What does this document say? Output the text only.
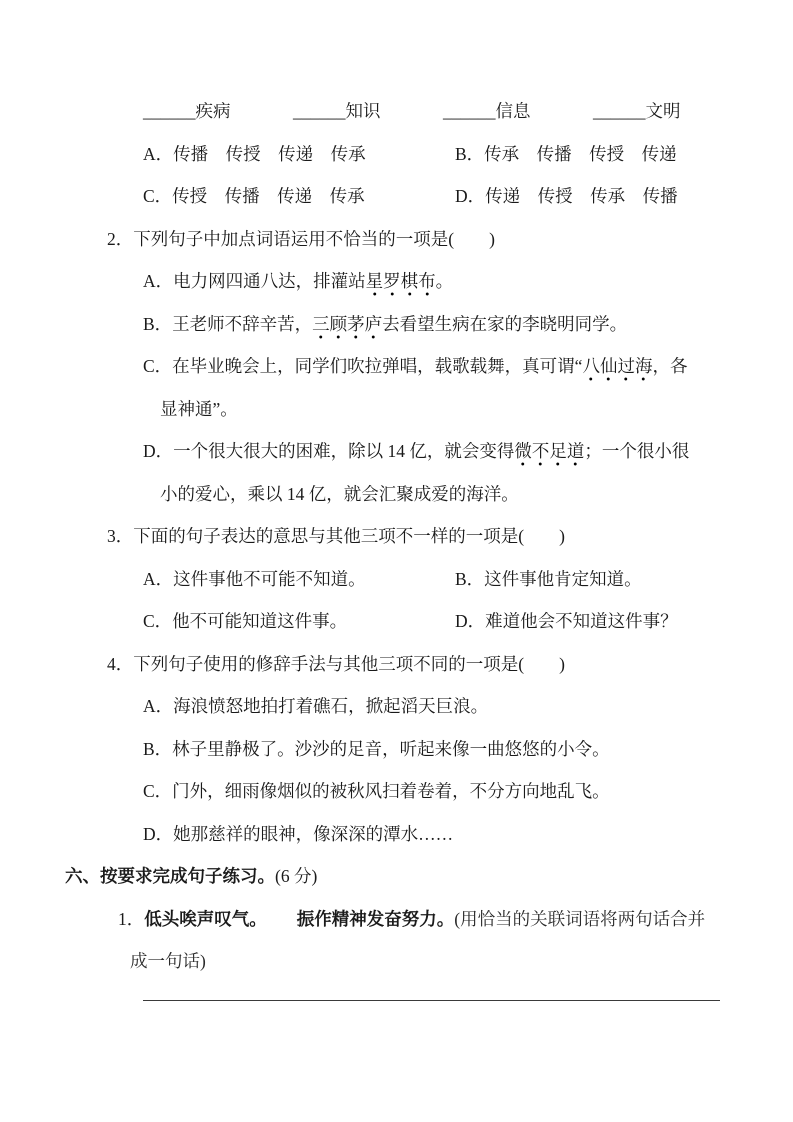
______疾病	______知识	______信息	______文明
A．传播　传授　传递　传承	B．传承　传播　传授　传递
C．传授　传播　传递　传承	D．传递　传授　传承　传播
2．下列句子中加点词语运用不恰当的一项是(　　)
A．电力网四通八达，排灌站星罗棋布。
B．王老师不辞辛苦，三顾茅庐去看望生病在家的李晓明同学。
C．在毕业晚会上，同学们吹拉弹唱，载歌载舞，真可谓“八仙过海，各
显神通”。
D．一个很大很大的困难，除以 14 亿，就会变得微不足道；一个很小很
小的爱心，乘以 14 亿，就会汇聚成爱的海洋。
3．下面的句子表达的意思与其他三项不一样的一项是(　　)
A．这件事他不可能不知道。	B．这件事他肯定知道。
C．他不可能知道这件事。	D．难道他会不知道这件事？
4．下列句子使用的修辞手法与其他三项不同的一项是(　　)
A．海浪愤怒地拍打着礁石，掀起滔天巨浪。
B．林子里静极了。沙沙的足音，听起来像一曲悠悠的小令。
C．门外，细雨像烟似的被秋风扫着卷着，不分方向地乱飞。
D．她那慈祥的眼神，像深深的潭水……
六、按要求完成句子练习。(6 分)
1．低头唉声叹气。 振作精神发奋努力。(用恰当的关联词语将两句话合并
成一句话)
